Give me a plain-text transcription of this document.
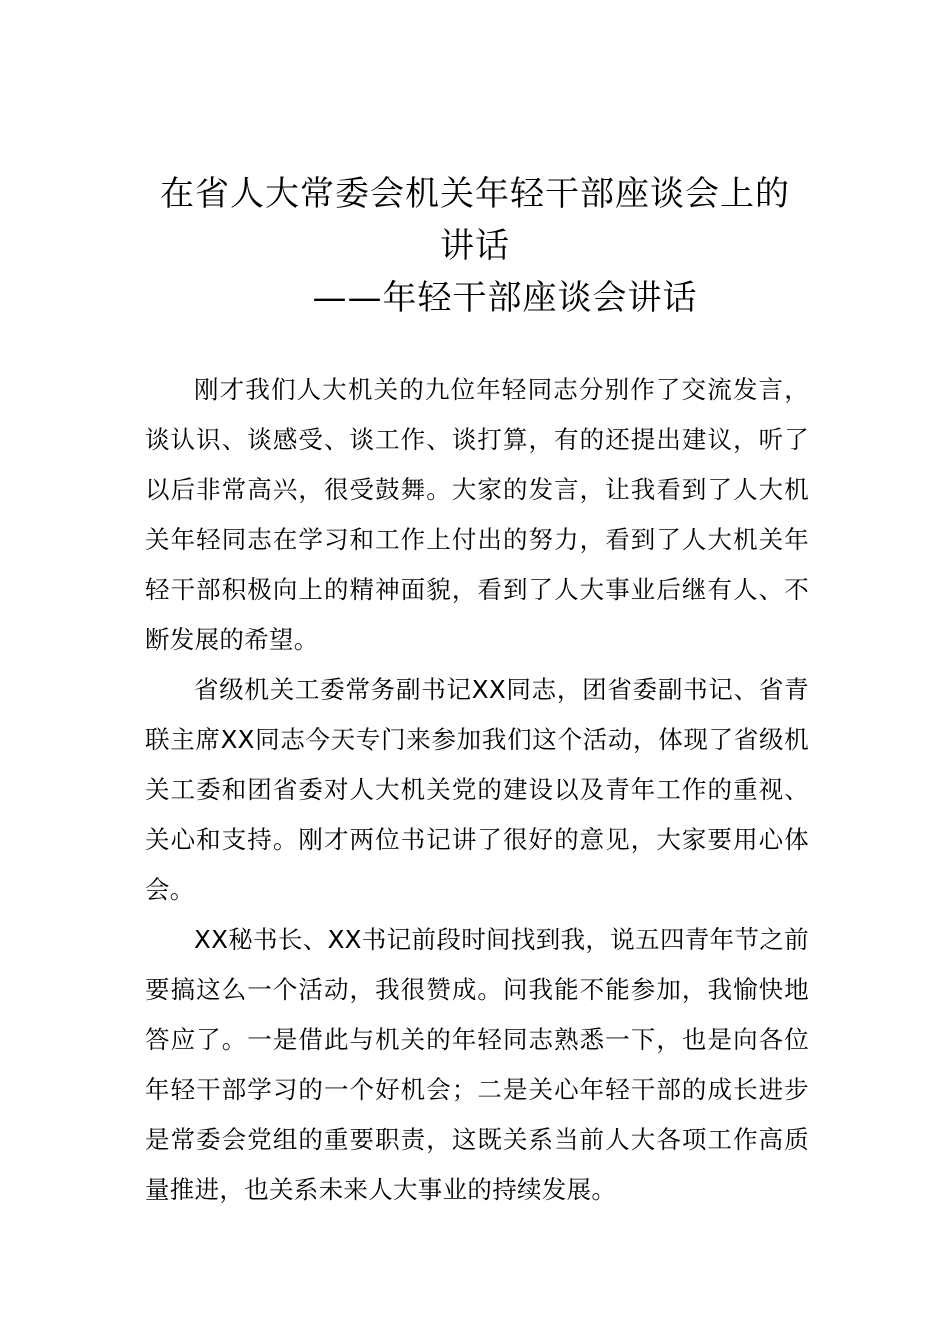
在省人大常委会机关年轻干部座谈会上的
讲话
——年轻干部座谈会讲话

刚才我们人大机关的九位年轻同志分别作了交流发言，谈认识、谈感受、谈工作、谈打算，有的还提出建议，听了以后非常高兴，很受鼓舞。大家的发言，让我看到了人大机关年轻同志在学习和工作上付出的努力，看到了人大机关年轻干部积极向上的精神面貌，看到了人大事业后继有人、不断发展的希望。

省级机关工委常务副书记XX同志，团省委副书记、省青联主席XX同志今天专门来参加我们这个活动，体现了省级机关工委和团省委对人大机关党的建设以及青年工作的重视、关心和支持。刚才两位书记讲了很好的意见，大家要用心体会。

XX秘书长、XX书记前段时间找到我，说五四青年节之前要搞这么一个活动，我很赞成。问我能不能参加，我愉快地答应了。一是借此与机关的年轻同志熟悉一下，也是向各位年轻干部学习的一个好机会；二是关心年轻干部的成长进步是常委会党组的重要职责，这既关系当前人大各项工作高质量推进，也关系未来人大事业的持续发展。
